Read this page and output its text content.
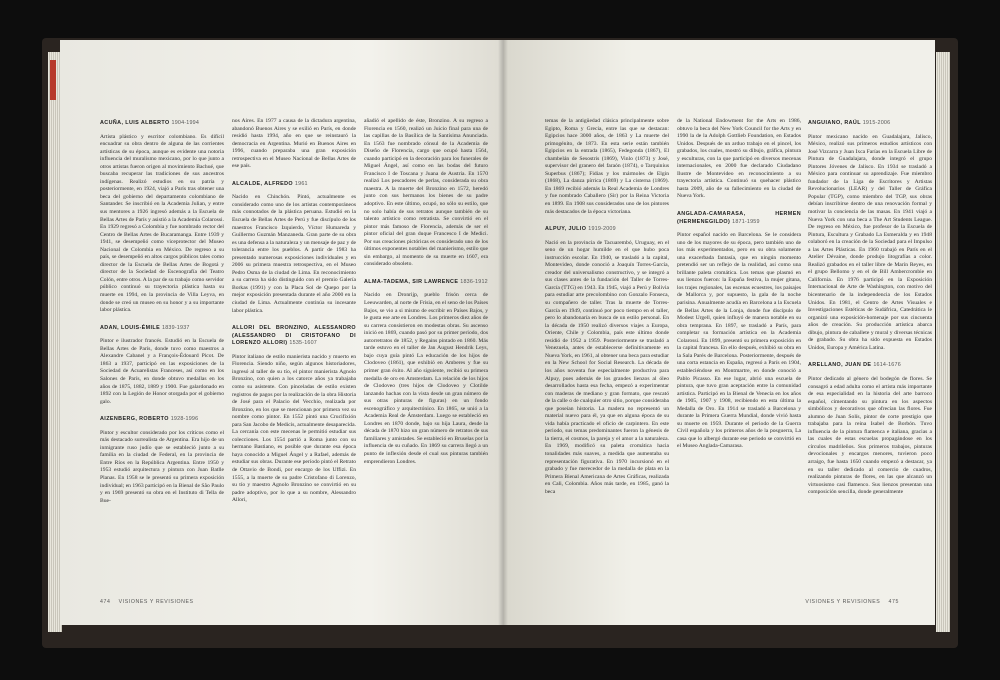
ACUÑA, LUIS ALBERTO 1904-1994

Artista plástico y escritor colombiano. Es difícil encuadrar su obra dentro de alguna de las corrientes artísticas de su época, aunque es evidente una notoria influencia del muralismo mexicano, por lo que junto a otros artistas fueron origen al movimiento Bachué, que buscaba recuperar las tradiciones de sus ancestros indígenas. Realizó estudios en su patria y posteriormente, en 1924, viajó a París tras obtener una beca del gobierno del departamento colombiano de Santander. Se inscribió en la Academia Julian, y entre sus mentores a 1926 ingresó además a la Escuela de Bellas Artes de París y asistió a la Academia Colarossi. En 1929 regresó a Colombia y fue nombrado rector del Centro de Bellas Artes de Bucaramanga. Entre 1939 y 1941, se desempeñó como viceprotector del Museo Nacional de Colombia en México. De regreso a su país, se desempeñó en altos cargos públicos tales como director de la Escuela de Bellas Artes de Bogotá y director de la Sociedad de Escenografía del Teatro Colón, entre otros. A la par de su trabajo como servidor público continuó su trayectoria plástica hasta su muerte en 1994, en la provincia de Villa Leyva, en donde se creó un museo en su honor y a su importante labor plástica.

ADAN, LOUIS-ÉMILE 1839-1937

Pintor e ilustrador francés. Estudió en la Escuela de Bellas Artes de París, donde tuvo como maestros a Alexandre Cabanel y a François-Édouard Picot. De 1863 a 1937, participó en las exposiciones de la Sociedad de Acuarelistas Franceses, así como en los Salones de París, en donde obtuvo medallas en los años de 1875, 1882, 1889 y 1900. Fue galardonado en 1892 con la Legión de Honor otorgada por el gobierno galo.

AIZENBERG, ROBERTO 1928-1996

Pintor y escultor considerado por los críticos como el más destacado surrealista de Argentina. Era hijo de un inmigrante ruso judío que se estableció junto a su familia en la ciudad de Federal, en la provincia de Entre Ríos en la República Argentina. Entre 1950 y 1953 estudió arquitectura y pintura con Juan Batlle Planas. En 1958 se le presentó su primera exposición individual; en 1963 participó en la Bienal de São Paulo y en 1969 presentó su obra en el Instituto di Tella de Bue-

nos Aires. En 1977 a causa de la dictadura argentina, abandonó Buenos Aires y se exilió en París, en donde residió hasta 1994, año en que se reinstauró la democracia en Argentina. Murió en Buenos Aires en 1996, cuando preparaba una gran exposición retrospectiva en el Museo Nacional de Bellas Artes de ese país.

ALCALDE, ALFREDO 1961

Nacido en Chinchón. Pintó, actualmente es considerado como uno de los artistas contemporáneos más connotados de la plástica peruana. Estudió en la Escuela de Bellas Artes de Perú y fue discípulo de los maestros Francisco Izquierdo, Víctor Humareda y Guillermo Guzmán Manzaneda. Gran parte de su obra es una defensa a la naturaleza y un mensaje de paz y de tolerancia entre los pueblos. A partir de 1983 ha presentado numerosas exposiciones individuales y en 2006 su primera muestra retrospectiva, en el Museo Pedro Osma de la ciudad de Lima. En reconocimiento a su carrera ha sido distinguido con el premio Galería Borkas (1991) y con la Placa Sol de Quepo por la mejor exposición presentada durante el año 2000 en la ciudad de Lima. Actualmente continúa su incesante labor plástica.

ALLORI DEL BRONZINO, ALESSANDRO (ALESSANDRO DI CRISTOFANO DI LORENZO ALLORI) 1535-1607

Pintor italiano de estilo manierista nacido y muerto en Florencia. Siendo niño, según algunos historiadores, ingresó al taller de su tío, el pintor manierista Agnolo Bronzino, con quien a los catorce años ya trabajaba como su asistente. Con pinceladas de estilo existen registros de pagos por la realización de la obra Historia de José para el Palacio del Vecchio, realizada por Bronzino, en los que se mencionan por primera vez su nombre como pintor. En 1552 pintó una Crucifixión para San Jacobo de Medicis, actualmente desaparecida. La cercanía con este mecenas le permitió estudiar sus colecciones. Los 1554 partió a Roma junto con su hermano Bastiano, es posible que durante esa época haya conocido a Miguel Ángel y a Rafael, además de estudiar sus obras. Durante ese período pintó el Retrato de Ottavio de Bondi, por encargo de los Uffizi. En 1555, a la muerte de su padre Cristofano di Lorenzo, su tío y maestro Agnolo Bronzino se convirtió en su padre adoptivo, por lo que a su nombre, Alessandro Allori,

añadió el apellido de éste, Bronzino. A su regreso a Florencia en 1560, realizó un Juicio final para una de las capillas de la Basílica de la Santísima Anunciada. En 1563 fue nombrado cónsul de la Academia de Diseño de Florencia, cargo que ocupó hasta 1564, cuando participó en la decoración para los funerales de Miguel Ángel, así como en las bodas del futuro Francisco I de Toscana y Juana de Austria. En 1570 realizó Los pescadores de perlas, considerada su obra maestra. A la muerte del Bronzino en 1572, heredó junto con sus hermanos los bienes de su padre adoptivo. En este último, ocupó, no sólo su estilo, que no solo había de sus retratos aunque también de su talento artístico como retratista. Se convirtió en el pintor más famoso de Florencia, además de ser el pintor oficial del gran duque Francesco I de Medici. Por sus creaciones pictóricas es considerado uno de los últimos exponentes notables del manierismo, estilo que sin embargo, al momento de su muerte en 1607, era considerado obsoleto.

ALMA-TADEMA, SIR LAWRENCE 1836-1912

Nacido en Dronrijp, pueblo frisón cerca de Leeuwarden, al norte de Frisia, en el seno de los Países Bajos, se vio a si mismo de escribir en Países Bajos, y le gusta ese arte en Londres. Los primeros diez años de su carrera consistieron en modestas obras. Su ascenso inició en 1869, cuando pasó por su primer periodo, dos autorretratos de 1852, y Regains pintado en 1860. Más tarde estuvo en el taller de Jan August Hendrik Leys, bajo cuya guía pintó La educación de los hijos de Clodoveo (1861), que exhibió en Amberes y fue su primer gran éxito. Al año siguiente, recibió su primera medalla de oro en Amsterdam. La relación de los hijos de Clodoveo (tres hijos de Clodoveo y Clotilde lanzando hachas con la vista desde un gran número de sus otras pinturas de figuras) en un fondo escenográfico y arquitectónico. En 1865, se unió a la Academia Real de Ámsterdam. Luego se estableció en Londres en 1870 donde, bajo su hija Laura, desde la década de 1870 hizo un gran número de retratos de sus familiares y amistades. Se estableció en Bruselas por la influencia de su cuñado. En 1869 su carrera llegó a un punto de inflexión desde el cual sus pinturas también emprendieron Londres.

474 VISIONES Y REVISIONES

temas de la antigüedad clásica principalmente sobre Egipto, Roma y Grecia, entre las que se destacan: Egipcios hace 3000 años, de 1863 y La muerte del primogénito, de 1873. En esta serie están también Egipcios en la entrada (1865), Fedegonda (1867), El chambelán de Sesostris (1869), Vinlo (1873) y José, supervisor del granero del faraón (1874), o Tarquinius Superbus (1867); Fidias y los mármoles de Elgin (1868), La danza pírrica (1869) y La cisterna (1869). En 1869 recibió además la Real Academia de Londres y fue nombrado Caballero (Sir) por la Reina Victoria en 1899. En 1908 sus considerados uno de los pintores más destacados de la época victoriana.

ALPUY, JULIO 1919-2009

Nació en la provincia de Tacuarembó, Uruguay, en el seno de un hogar humilde en el que hubo poca instrucción escolar. En 1940, se trasladó a la capital, Montevideo, donde conoció a Joaquín Torres-García, creador del universalismo constructivo, y se integró a sus clases antes de la fundación del Taller de Torres-García (TTG) en 1943. En 1945, viajó a Perú y Bolivia para estudiar arte precolombino con Gonzalo Fonseca, su compañero de taller. Tras la muerte de Torres-García en 1949, continuó por poco tiempo en el taller, pero lo abandonaría en busca de un estilo personal. En la década de 1950 realizó diversos viajes a Europa, Oriente, Chile y Colombia, país este último donde residió de 1952 a 1959. Posteriormente se trasladó a Venezuela, antes de establecerse definitivamente en Nueva York, en 1961, al obtener una beca para estudiar en la New School for Social Research. La década de los años noventa fue especialmente productiva para Alpuy, pues además de los grandes lienzos al óleo desarrollados hasta esa fecha, empezó a experimentar con maderas de mediano y gran formato, que rescató de la calle o de cualquier otro sitio, porque consideraba que poseían historia. La madera no representó un material nuevo para él, ya que en alguna época de su vida había practicado el oficio de carpintero. En este periodo, sus temas predominantes fueron la génesis de la tierra, el cosmos, la pareja y el amor a la naturaleza. En 1969, modificó su paleta cromática hacia tonalidades más suaves, a medida que aumentaba su representación figurativa. En 1970 incursionó en el grabado y fue merecedor de la medalla de plata en la Primera Bienal Americana de Artes Gráficas, realizada en Cali, Colombia. Años más tarde, en 1985, ganó la beca

de la National Endowment for the Arts en 1986, obtuvo la beca del New York Council for the Arts y en 1990 la de la Adolph Gottlieb Foundation, en Estados Unidos. Después de un arduo trabajo en el pincel, los grabados, los cuales, mostró su dibujo, gráfica, pintura y esculturas, con la que participó en diversos mecenas internacionales, en 2000 fue declarado Ciudadano Ilustre de Montevideo en reconocimiento a su trayectoria artística. Continuó su quehacer plástico hasta 2009, año de su fallecimiento en la ciudad de Nueva York.

ANGLADA-CAMARASA, HERMEN (HERMENEGILDO) 1871-1959

Pintor español nacido en Barcelona. Se le considera uno de los mayores de su época, pero también uno de los más experimentados, pero en su obra solamente una exacerbada fantasía, que en ningún momento pretendió ser un reflejo de la realidad, así como una brillante paleta cromática. Los temas que plasmó en sus lienzos fueron: la España festiva, la mujer gitana, los trajes regionales, las escenas ecuestres, los paisajes de Mallorca y, por supuesto, la gala de la noche parisina. Anualmente acudía en Barcelona a la Escuela de Bellas Artes de la Lonja, donde fue discípulo de Modest Urgell, quien influyó de manera notable en su obra temprana. En 1897, se trasladó a París, para completar su formación artística en la Academia Colarossi. En 1899, presentó su primera exposición en la capital francesa. En ello después, exhibió su obra en la Sala Parés de Barcelona. Posteriormente, después de una corta estancia en España, regresó a París en 1904, estableciéndose en Montmartre, en donde conoció a Pablo Picasso. En ese lugar, abrió una escuela de pintura, que tuvo gran aceptación entre la comunidad artística. Participó en la Bienal de Venecia en los años de 1905, 1907 y 1908, recibiendo en esta última la Medalla de Oro. En 1914 se trasladó a Barcelona y durante la Primera Guerra Mundial, donde vivió hasta su muerte en 1959. Durante el periodo de la Guerra Civil española y los primeros años de la posguerra, La casa que lo albergó durante ese periodo se convirtió en el Museo Anglada-Camarasa.

ANGUIANO, RAÚL 1915-2006

Pintor mexicano nacido en Guadalajara, Jalisco, México, realizó sus primeros estudios artísticos con José Vizcarra y Juan Ixca Farías en la Escuela Libre de Pintura de Guadalajara, donde integró el grupo Pintores Jóvenes de Jalisco. En 1934 se trasladó a México para continuar su aprendizaje. Fue miembro fundador de la Liga de Escritores y Artistas Revolucionarios (LEAR) y del Taller de Gráfica Popular (TGP), como miembro del TGP, sus obras debían inscribirse dentro de una renovación formal y motivar la conciencia de las masas. En 1941 viajó a Nueva York con una beca a The Art Students League. De regreso en México, fue profesor de la Escuela de Pintura, Escultura y Grabado La Esmeralda y en 1948 colaboró en la creación de la Sociedad para el Impulso a las Artes Plásticas. En 1960 trabajó en París en el Atelier Dévaine, donde produjo litografías a color. Realizó grabados en el taller libre de Marín Reyes, en el grupo Bellomo y en el de Bill Ambercrombie en California. En 1976 participó en la Exposición Internacional de Arte de Washington, con motivo del bicentenario de la independencia de los Estados Unidos. En 1981, el Centro de Artes Visuales e Investigaciones Estéticas de Sudáfrica, Catedrática le organizó una exposición-homenaje por sus cincuenta años de creación. Su producción artística abarca dibujo, pintura de caballete y mural y diversas técnicas de grabado. Su obra ha sido expuesta en Estados Unidos, Europa y América Latina.

ARELLANO, JUAN DE 1614-1676

Pintor dedicado al género del bodegón de flores. Se consagró a edad adulta como el artista más importante de esa especialidad en la historia del arte barroco español, cimentando su pintura en los aspectos simbólicos y decorativos que ofrecían las flores. Fue alumno de Juan Solís, pintor de corte prestigio que trabajaba para la reina Isabel de Borbón. Tuvo influencia de la pintura flamenca e italiana, gracias a las cuales de estas escuelas propagándose en los círculos madrileños. Sus primeros trabajos, pinturas devocionales y encargos menores, tuvieron poco arraigo, fue hasta 1650 cuando empezó a destacar, ya en su taller dedicado al comercio de cuadros, realizando pinturas de flores, en las que alcanzó un virtuosismo casi flamenco. Sus lienzos presentan una composición sencilla, donde generalmente

VISIONES Y REVISIONES 475
